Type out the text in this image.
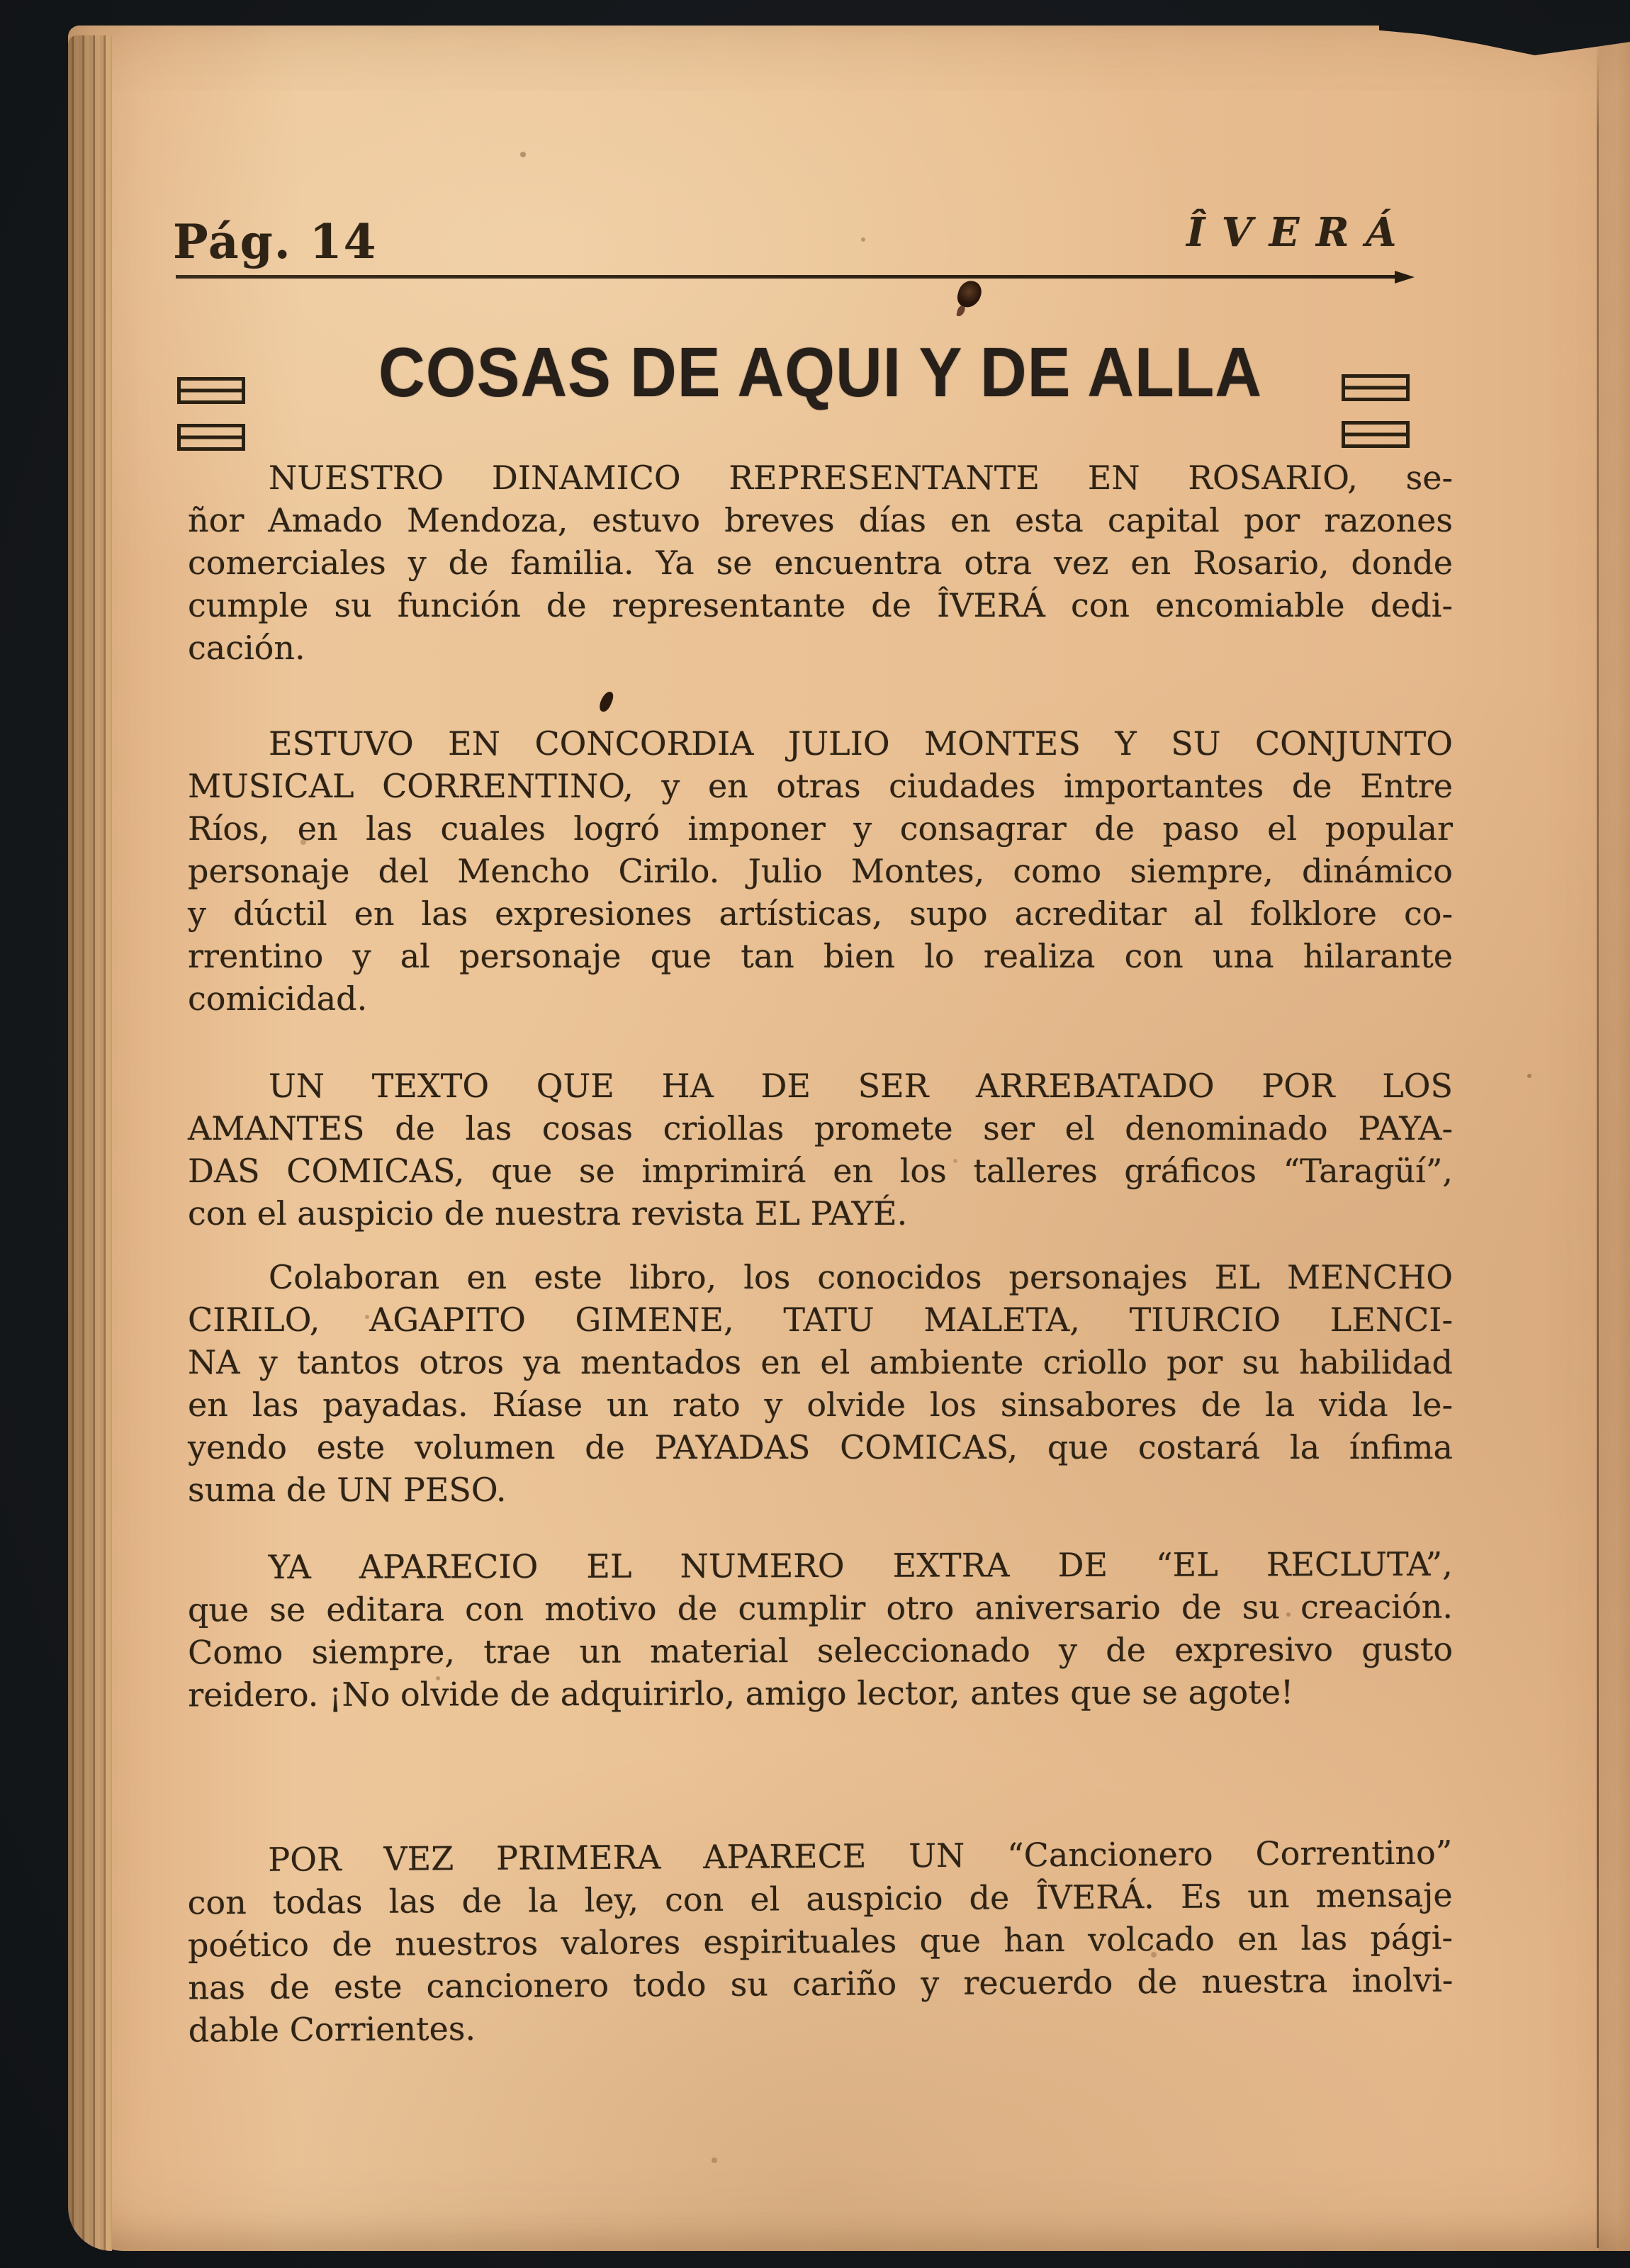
Pág. 14	ÎVERÁ
COSAS DE AQUI Y DE ALLA
NUESTRO DINAMICO REPRESENTANTE EN ROSARIO, se-
ñor Amado Mendoza, estuvo breves días en esta capital por razones
comerciales y de familia. Ya se encuentra otra vez en Rosario, donde
cumple su función de representante de ÎVERÁ con encomiable dedi-
cación.
ESTUVO EN CONCORDIA JULIO MONTES Y SU CONJUNTO
MUSICAL CORRENTINO, y en otras ciudades importantes de Entre
Ríos, en las cuales logró imponer y consagrar de paso el popular
personaje del Mencho Cirilo. Julio Montes, como siempre, dinámico
y dúctil en las expresiones artísticas, supo acreditar al folklore co-
rrentino y al personaje que tan bien lo realiza con una hilarante
comicidad.
UN TEXTO QUE HA DE SER ARREBATADO POR LOS
AMANTES de las cosas criollas promete ser el denominado PAYA-
DAS COMICAS, que se imprimirá en los talleres gráficos “Taragüí”,
con el auspicio de nuestra revista EL PAYÉ.
Colaboran en este libro, los conocidos personajes EL MENCHO
CIRILO, AGAPITO GIMENE, TATU MALETA, TIURCIO LENCI-
NA y tantos otros ya mentados en el ambiente criollo por su habilidad
en las payadas. Ríase un rato y olvide los sinsabores de la vida le-
yendo este volumen de PAYADAS COMICAS, que costará la ínfima
suma de UN PESO.
YA APARECIO EL NUMERO EXTRA DE “EL RECLUTA”,
que se editara con motivo de cumplir otro aniversario de su creación.
Como siempre, trae un material seleccionado y de expresivo gusto
reidero. ¡No olvide de adquirirlo, amigo lector, antes que se agote!
POR VEZ PRIMERA APARECE UN “Cancionero Correntino”
con todas las de la ley, con el auspicio de ÎVERÁ. Es un mensaje
poético de nuestros valores espirituales que han volcado en las pági-
nas de este cancionero todo su cariño y recuerdo de nuestra inolvi-
dable Corrientes.
